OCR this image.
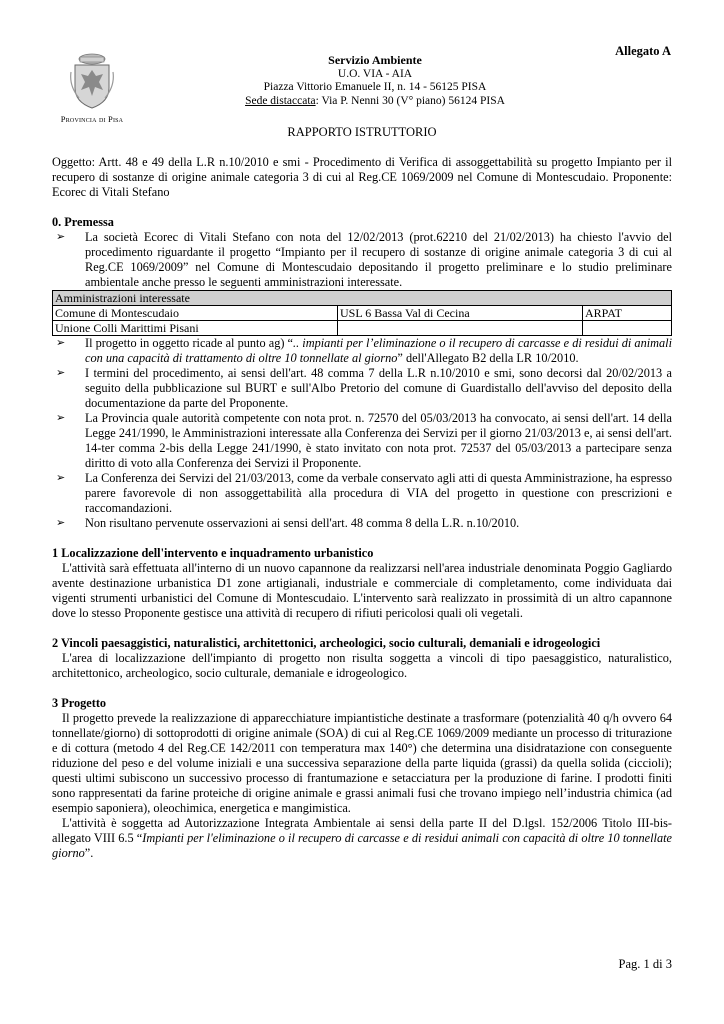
Provincia di Pisa
Allegato A
Servizio Ambiente
U.O. VIA - AIA
Piazza Vittorio Emanuele II, n. 14 - 56125 PISA
Sede distaccata: Via P. Nenni 30 (V° piano) 56124 PISA
RAPPORTO ISTRUTTORIO

Oggetto: Artt. 48 e 49 della L.R n.10/2010 e smi - Procedimento di Verifica di assoggettabilità su progetto Impianto per il recupero di sostanze di origine animale categoria 3 di cui al Reg.CE 1069/2009 nel Comune di Montescudaio. Proponente: Ecorec di Vitali Stefano

0. Premessa
➢ La società Ecorec di Vitali Stefano con nota del 12/02/2013 (prot.62210 del 21/02/2013) ha chiesto l'avvio del procedimento riguardante il progetto “Impianto per il recupero di sostanze di origine animale categoria 3 di cui al Reg.CE 1069/2009” nel Comune di Montescudaio depositando il progetto preliminare e lo studio preliminare ambientale anche presso le seguenti amministrazioni interessate.
Amministrazioni interessate		
Comune di Montescudaio	USL 6 Bassa Val di Cecina	ARPAT
Unione Colli Marittimi Pisani		
➢ Il progetto in oggetto ricade al punto ag) “.. impianti per l’eliminazione o il recupero di carcasse e di residui di animali con una capacità di trattamento di oltre 10 tonnellate al giorno” dell'Allegato B2 della LR 10/2010.
➢ I termini del procedimento, ai sensi dell'art. 48 comma 7 della L.R n.10/2010 e smi, sono decorsi dal 20/02/2013 a seguito della pubblicazione sul BURT e sull'Albo Pretorio del comune di Guardistallo dell'avviso del deposito della documentazione da parte del Proponente.
➢ La Provincia quale autorità competente con nota prot. n. 72570 del 05/03/2013 ha convocato, ai sensi dell'art. 14 della Legge 241/1990, le Amministrazioni interessate alla Conferenza dei Servizi per il giorno 21/03/2013 e, ai sensi dell'art. 14-ter comma 2-bis della Legge 241/1990, è stato invitato con nota prot. 72537 del 05/03/2013 a partecipare senza diritto di voto alla Conferenza dei Servizi il Proponente.
➢ La Conferenza dei Servizi del 21/03/2013, come da verbale conservato agli atti di questa Amministrazione, ha espresso parere favorevole di non assoggettabilità alla procedura di VIA del progetto in questione con prescrizioni e raccomandazioni.
➢ Non risultano pervenute osservazioni ai sensi dell'art. 48 comma 8 della L.R. n.10/2010.
1 Localizzazione dell'intervento e inquadramento urbanistico

L'attività sarà effettuata all'interno di un nuovo capannone da realizzarsi nell'area industriale denominata Poggio Gagliardo avente destinazione urbanistica D1 zone artigianali, industriale e commerciale di completamento, come individuata dai vigenti strumenti urbanistici del Comune di Montescudaio. L'intervento sarà realizzato in prossimità di un altro capannone dove lo stesso Proponente gestisce una attività di recupero di rifiuti pericolosi quali oli vegetali.

2 Vincoli paesaggistici, naturalistici, architettonici, archeologici, socio culturali, demaniali e idrogeologici

L'area di localizzazione dell'impianto di progetto non risulta soggetta a vincoli di tipo paesaggistico, naturalistico, architettonico, archeologico, socio culturale, demaniale e idrogeologico.

3 Progetto

Il progetto prevede la realizzazione di apparecchiature impiantistiche destinate a trasformare (potenzialità 40 q/h ovvero 64 tonnellate/giorno) di sottoprodotti di origine animale (SOA) di cui al Reg.CE 1069/2009 mediante un processo di triturazione e di cottura (metodo 4 del Reg.CE 142/2011 con temperatura max 140°) che determina una disidratazione con conseguente riduzione del peso e del volume iniziali e una successiva separazione della parte liquida (grassi) da quella solida (ciccioli); questi ultimi subiscono un successivo processo di frantumazione e setacciatura per la produzione di farine. I prodotti finiti sono rappresentati da farine proteiche di origine animale e grassi animali fusi che trovano impiego nell’industria chimica (ad esempio saponiera), oleochimica, energetica e mangimistica.

L'attività è soggetta ad Autorizzazione Integrata Ambientale ai sensi della parte II del D.lgsl. 152/2006 Titolo III-bis- allegato VIII 6.5 “Impianti per l'eliminazione o il recupero di carcasse e di residui animali con capacità di oltre 10 tonnellate giorno”.

Pag. 1 di 3
